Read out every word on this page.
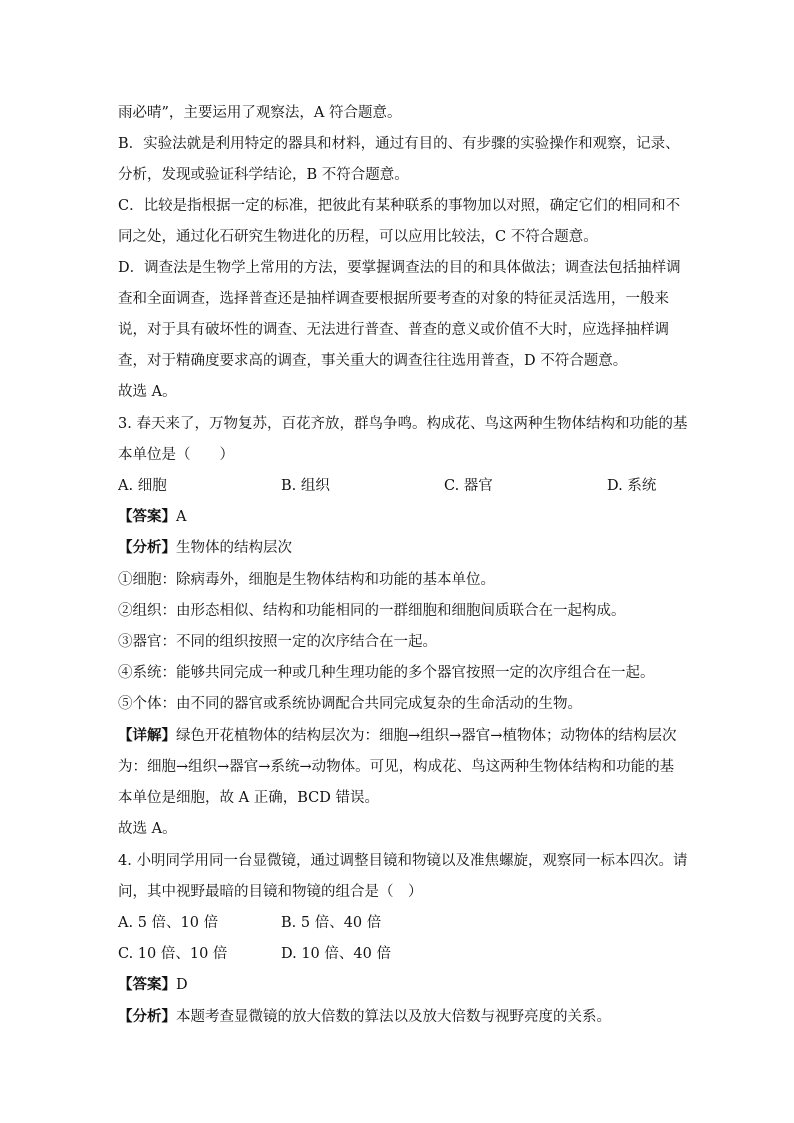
雨必晴”，主要运用了观察法，A 符合题意。
B．实验法就是利用特定的器具和材料，通过有目的、有步骤的实验操作和观察，记录、
分析，发现或验证科学结论，B 不符合题意。
C．比较是指根据一定的标准，把彼此有某种联系的事物加以对照，确定它们的相同和不
同之处，通过化石研究生物进化的历程，可以应用比较法，C 不符合题意。
D．调查法是生物学上常用的方法，要掌握调查法的目的和具体做法；调查法包括抽样调
查和全面调查，选择普查还是抽样调查要根据所要考查的对象的特征灵活选用，一般来
说，对于具有破坏性的调查、无法进行普查、普查的意义或价值不大时，应选择抽样调
查，对于精确度要求高的调查，事关重大的调查往往选用普查，D 不符合题意。
故选 A。
3. 春天来了，万物复苏，百花齐放，群鸟争鸣。构成花、鸟这两种生物体结构和功能的基
本单位是（　　）
A. 细胞	B. 组织	C. 器官	D. 系统
【答案】A
【分析】生物体的结构层次
①细胞：除病毒外，细胞是生物体结构和功能的基本单位。
②组织：由形态相似、结构和功能相同的一群细胞和细胞间质联合在一起构成。
③器官：不同的组织按照一定的次序结合在一起。
④系统：能够共同完成一种或几种生理功能的多个器官按照一定的次序组合在一起。
⑤个体：由不同的器官或系统协调配合共同完成复杂的生命活动的生物。
【详解】绿色开花植物体的结构层次为：细胞→组织→器官→植物体；动物体的结构层次
为：细胞→组织→器官→系统→动物体。可见，构成花、鸟这两种生物体结构和功能的基
本单位是细胞，故 A 正确，BCD 错误。
故选 A。
4. 小明同学用同一台显微镜，通过调整目镜和物镜以及准焦螺旋，观察同一标本四次。请
问，其中视野最暗的目镜和物镜的组合是（　）
A. 5 倍、10 倍	B. 5 倍、40 倍
C. 10 倍、10 倍	D. 10 倍、40 倍
【答案】D
【分析】本题考查显微镜的放大倍数的算法以及放大倍数与视野亮度的关系。
